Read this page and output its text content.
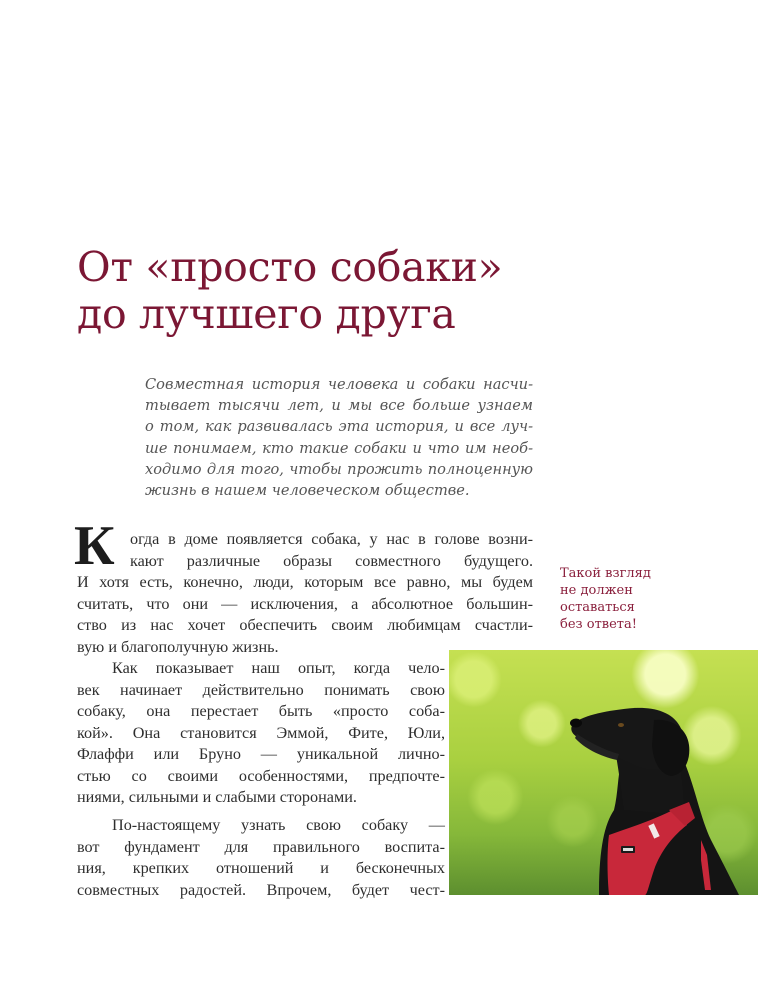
От «просто собаки»
до лучшего друга
Совместная история человека и собаки насчи-
тывает тысячи лет, и мы все больше узнаем
о том, как развивалась эта история, и все луч-
ше понимаем, кто такие собаки и что им необ-
ходимо для того, чтобы прожить полноценную
жизнь в нашем человеческом обществе.
К огда в доме появляется собака, у нас в голове возни-
кают различные образы совместного будущего.
И хотя есть, конечно, люди, которым все равно, мы будем
считать, что они — исключения, а абсолютное большин-
ство из нас хочет обеспечить своим любимцам счастли-
вую и благополучную жизнь.
Как показывает наш опыт, когда чело-
век начинает действительно понимать свою
собаку, она перестает быть «просто соба-
кой». Она становится Эммой, Фите, Юли,
Флаффи или Бруно — уникальной лично-
стью со своими особенностями, предпочте-
ниями, сильными и слабыми сторонами.
По-настоящему узнать свою собаку —
вот фундамент для правильного воспита-
ния, крепких отношений и бесконечных
совместных радостей. Впрочем, будет чест-
Такой взгляд
не должен
оставаться
без ответа!
